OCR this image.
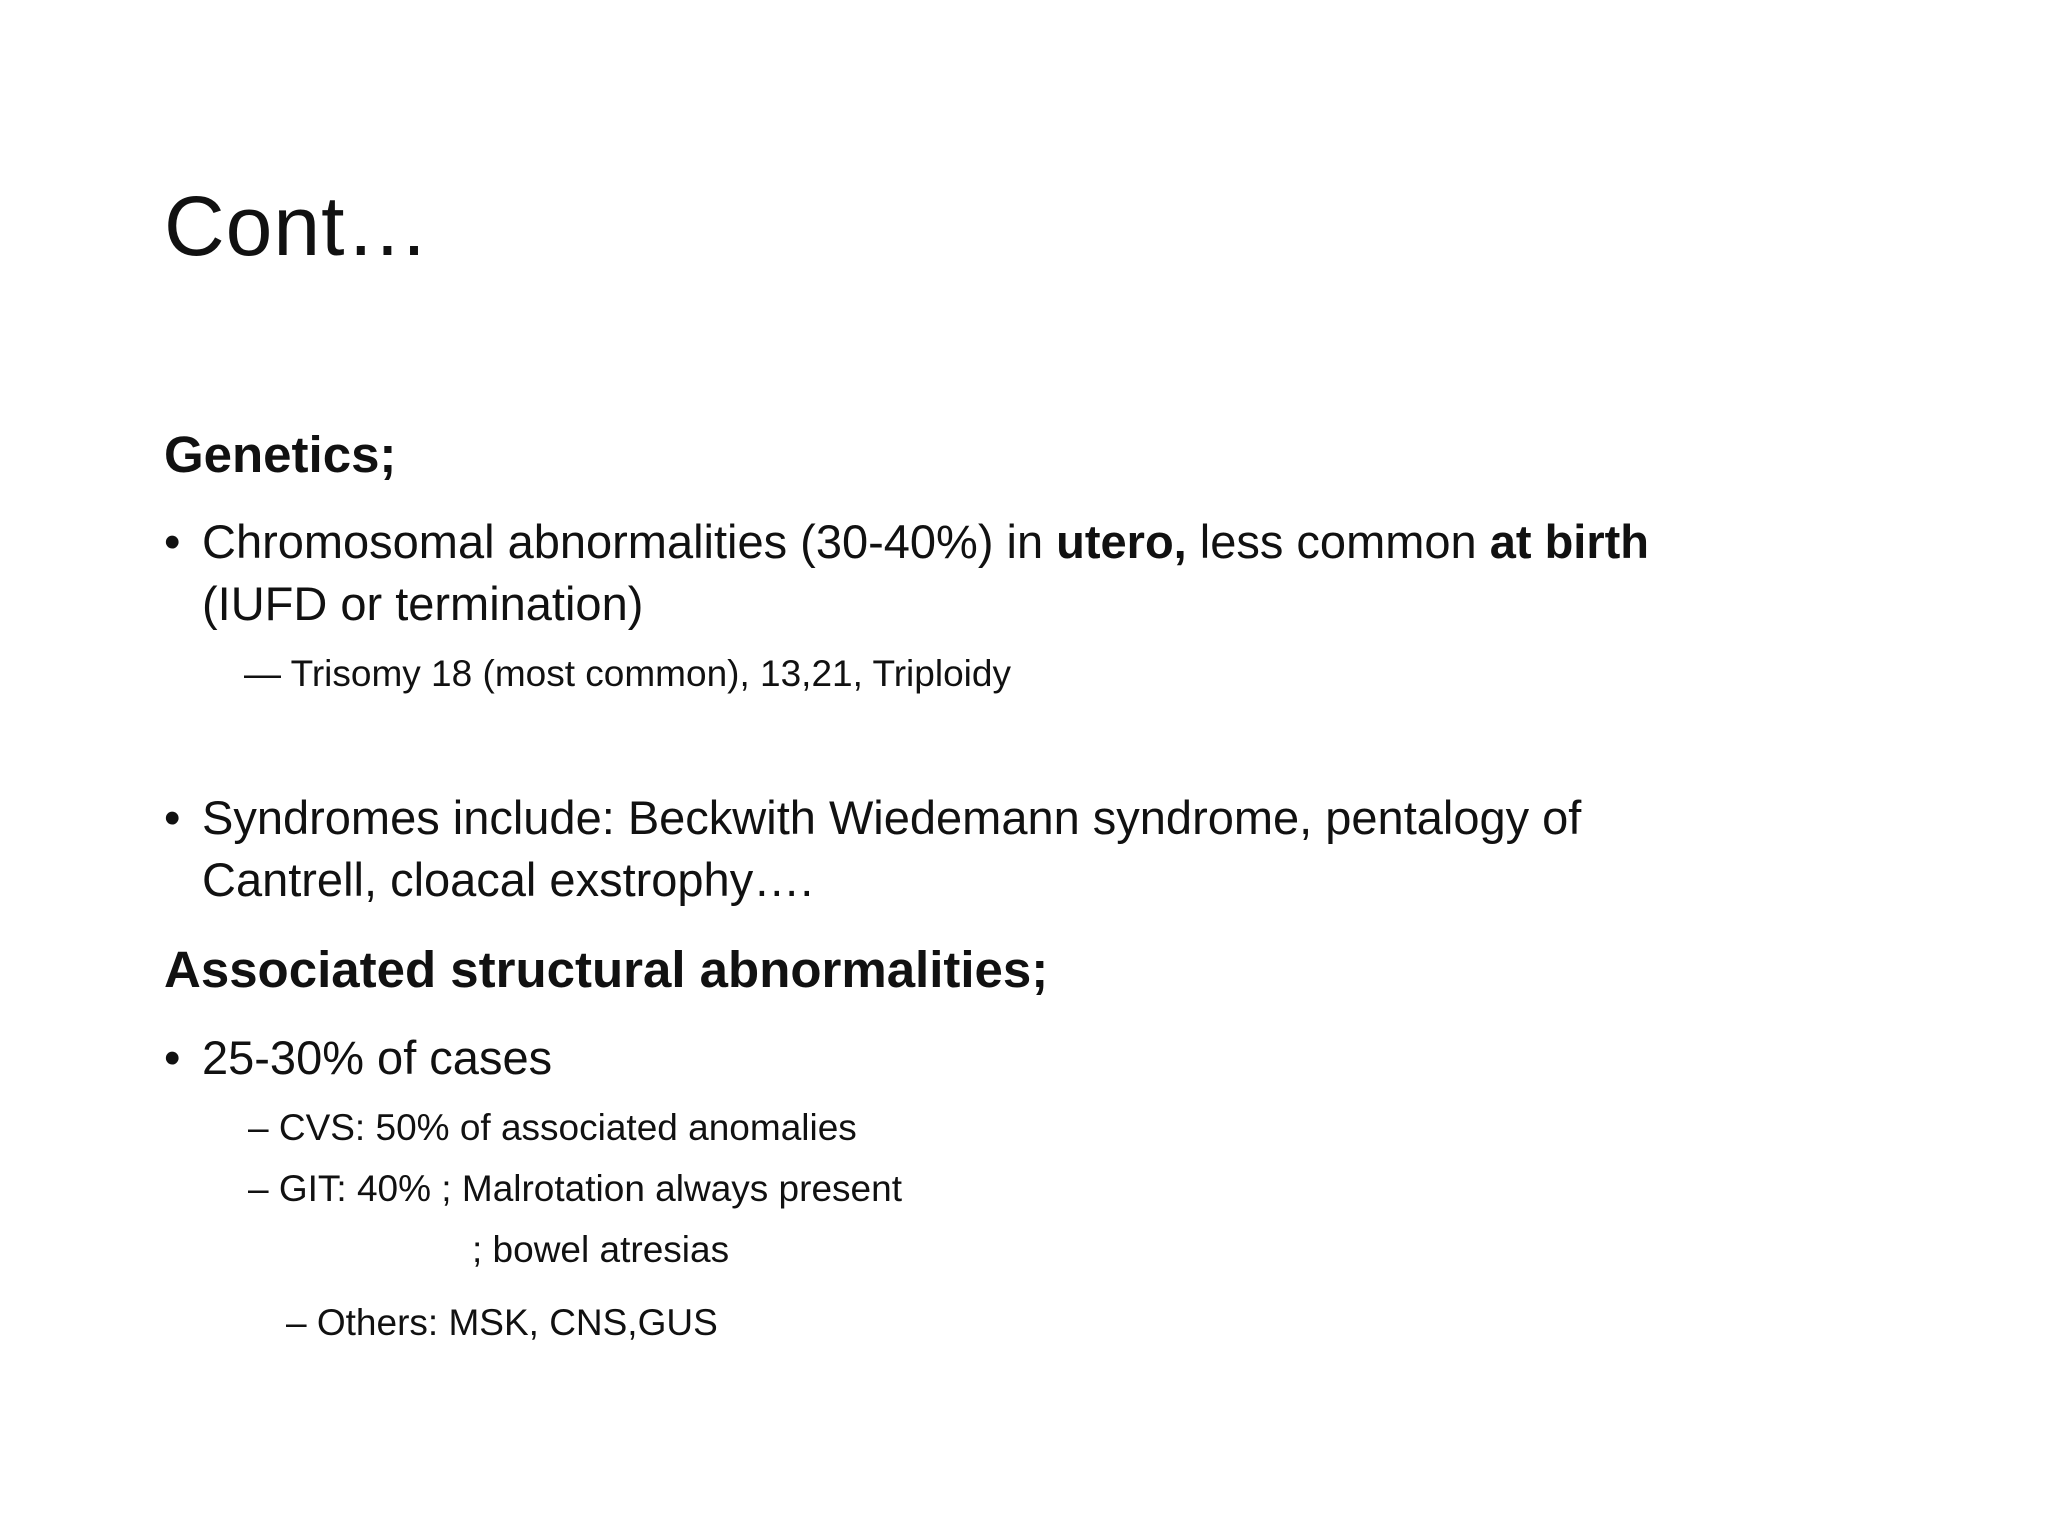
Cont…
Genetics;
• Chromosomal abnormalities (30-40%) in utero, less common at birth
(IUFD or termination)
— Trisomy 18 (most common), 13,21, Triploidy
• Syndromes include: Beckwith Wiedemann syndrome, pentalogy of
Cantrell, cloacal exstrophy….
Associated structural abnormalities;
• 25-30% of cases
– CVS: 50% of associated anomalies
– GIT: 40% ; Malrotation always present
; bowel atresias
– Others: MSK, CNS,GUS
